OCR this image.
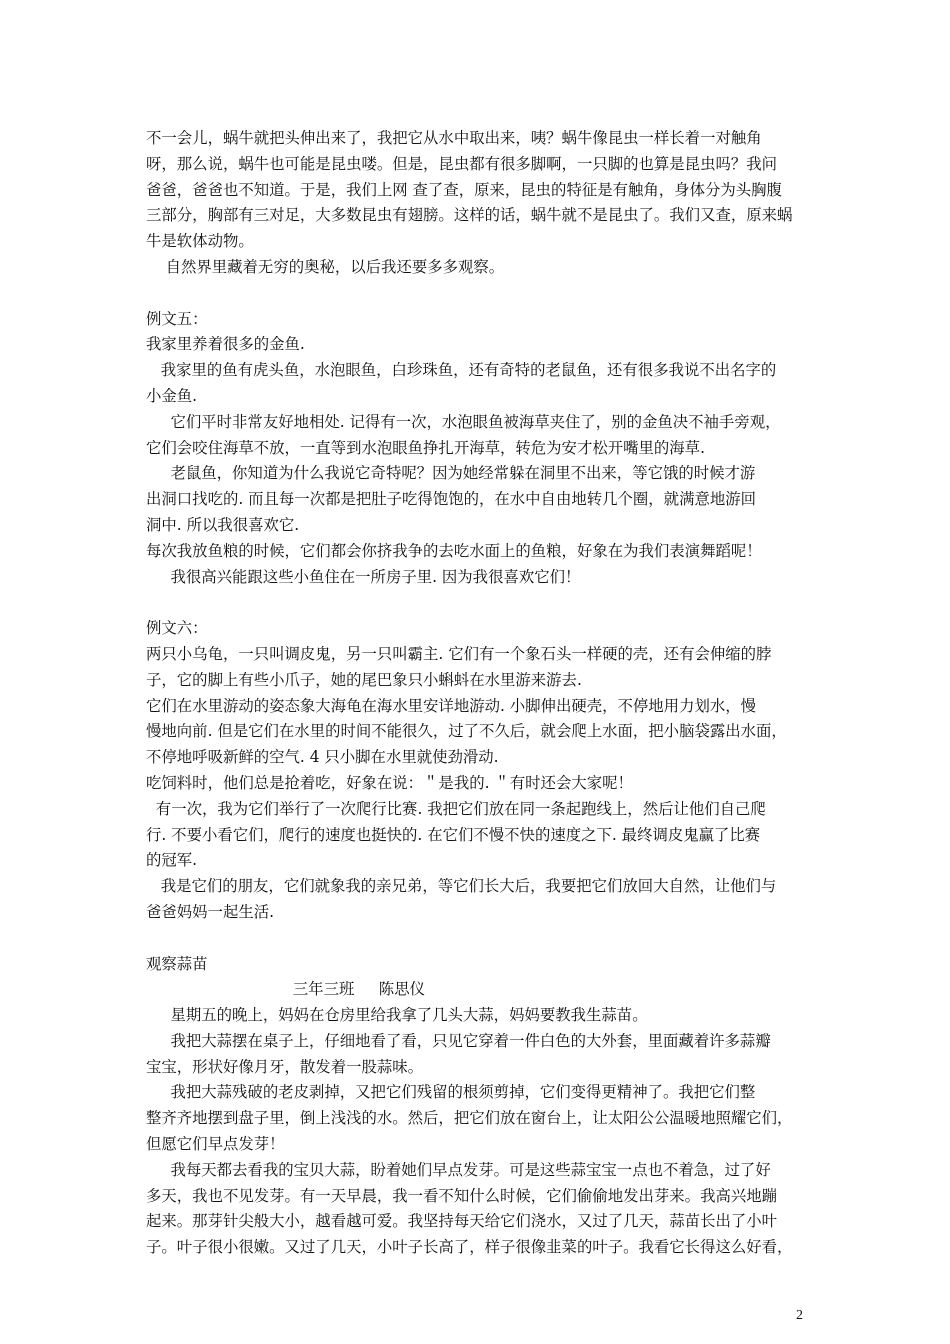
不一会儿，蜗牛就把头伸出来了，我把它从水中取出来，咦？蜗牛像昆虫一样长着一对触角
呀，那么说，蜗牛也可能是昆虫喽。但是，昆虫都有很多脚啊，一只脚的也算是昆虫吗？我问
爸爸，爸爸也不知道。于是，我们上网 查了查，原来，昆虫的特征是有触角，身体分为头胸腹
三部分，胸部有三对足，大多数昆虫有翅膀。这样的话，蜗牛就不是昆虫了。我们又查，原来蜗
牛是软体动物。
自然界里藏着无穷的奥秘，以后我还要多多观察。
例文五：
我家里养着很多的金鱼.
我家里的鱼有虎头鱼，水泡眼鱼，白珍珠鱼，还有奇特的老鼠鱼，还有很多我说不出名字的
小金鱼.
它们平时非常友好地相处. 记得有一次，水泡眼鱼被海草夹住了，别的金鱼决不袖手旁观，
它们会咬住海草不放，一直等到水泡眼鱼挣扎开海草，转危为安才松开嘴里的海草.
老鼠鱼，你知道为什么我说它奇特呢？因为她经常躲在洞里不出来，等它饿的时候才游
出洞口找吃的. 而且每一次都是把肚子吃得饱饱的，在水中自由地转几个圈，就满意地游回
洞中. 所以我很喜欢它.
每次我放鱼粮的时候，它们都会你挤我争的去吃水面上的鱼粮，好象在为我们表演舞蹈呢！
我很高兴能跟这些小鱼住在一所房子里. 因为我很喜欢它们！
例文六：
两只小乌龟，一只叫调皮鬼，另一只叫霸主. 它们有一个象石头一样硬的壳，还有会伸缩的脖
子，它的脚上有些小爪子，她的尾巴象只小蝌蚪在水里游来游去.
它们在水里游动的姿态象大海龟在海水里安详地游动. 小脚伸出硬壳，不停地用力划水，慢
慢地向前. 但是它们在水里的时间不能很久，过了不久后，就会爬上水面，把小脑袋露出水面，
不停地呼吸新鲜的空气. 4 只小脚在水里就使劲滑动.
吃饲料时，他们总是抢着吃，好象在说：＂是我的. ＂有时还会大家呢！
有一次，我为它们举行了一次爬行比赛. 我把它们放在同一条起跑线上，然后让他们自己爬
行. 不要小看它们，爬行的速度也挺快的. 在它们不慢不快的速度之下. 最终调皮鬼赢了比赛
的冠军.
我是它们的朋友，它们就象我的亲兄弟，等它们长大后，我要把它们放回大自然，让他们与
爸爸妈妈一起生活.
观察蒜苗
三年三班     陈思仪
星期五的晚上，妈妈在仓房里给我拿了几头大蒜，妈妈要教我生蒜苗。
我把大蒜摆在桌子上，仔细地看了看，只见它穿着一件白色的大外套，里面藏着许多蒜瓣
宝宝，形状好像月牙，散发着一股蒜味。
我把大蒜残破的老皮剥掉，又把它们残留的根须剪掉，它们变得更精神了。我把它们整
整齐齐地摆到盘子里，倒上浅浅的水。然后，把它们放在窗台上，让太阳公公温暖地照耀它们，
但愿它们早点发芽！
我每天都去看我的宝贝大蒜，盼着她们早点发芽。可是这些蒜宝宝一点也不着急，过了好
多天，我也不见发芽。有一天早晨，我一看不知什么时候，它们偷偷地发出芽来。我高兴地蹦
起来。那芽针尖般大小，越看越可爱。我坚持每天给它们浇水，又过了几天，蒜苗长出了小叶
子。叶子很小很嫩。又过了几天，小叶子长高了，样子很像韭菜的叶子。我看它长得这么好看，
2
